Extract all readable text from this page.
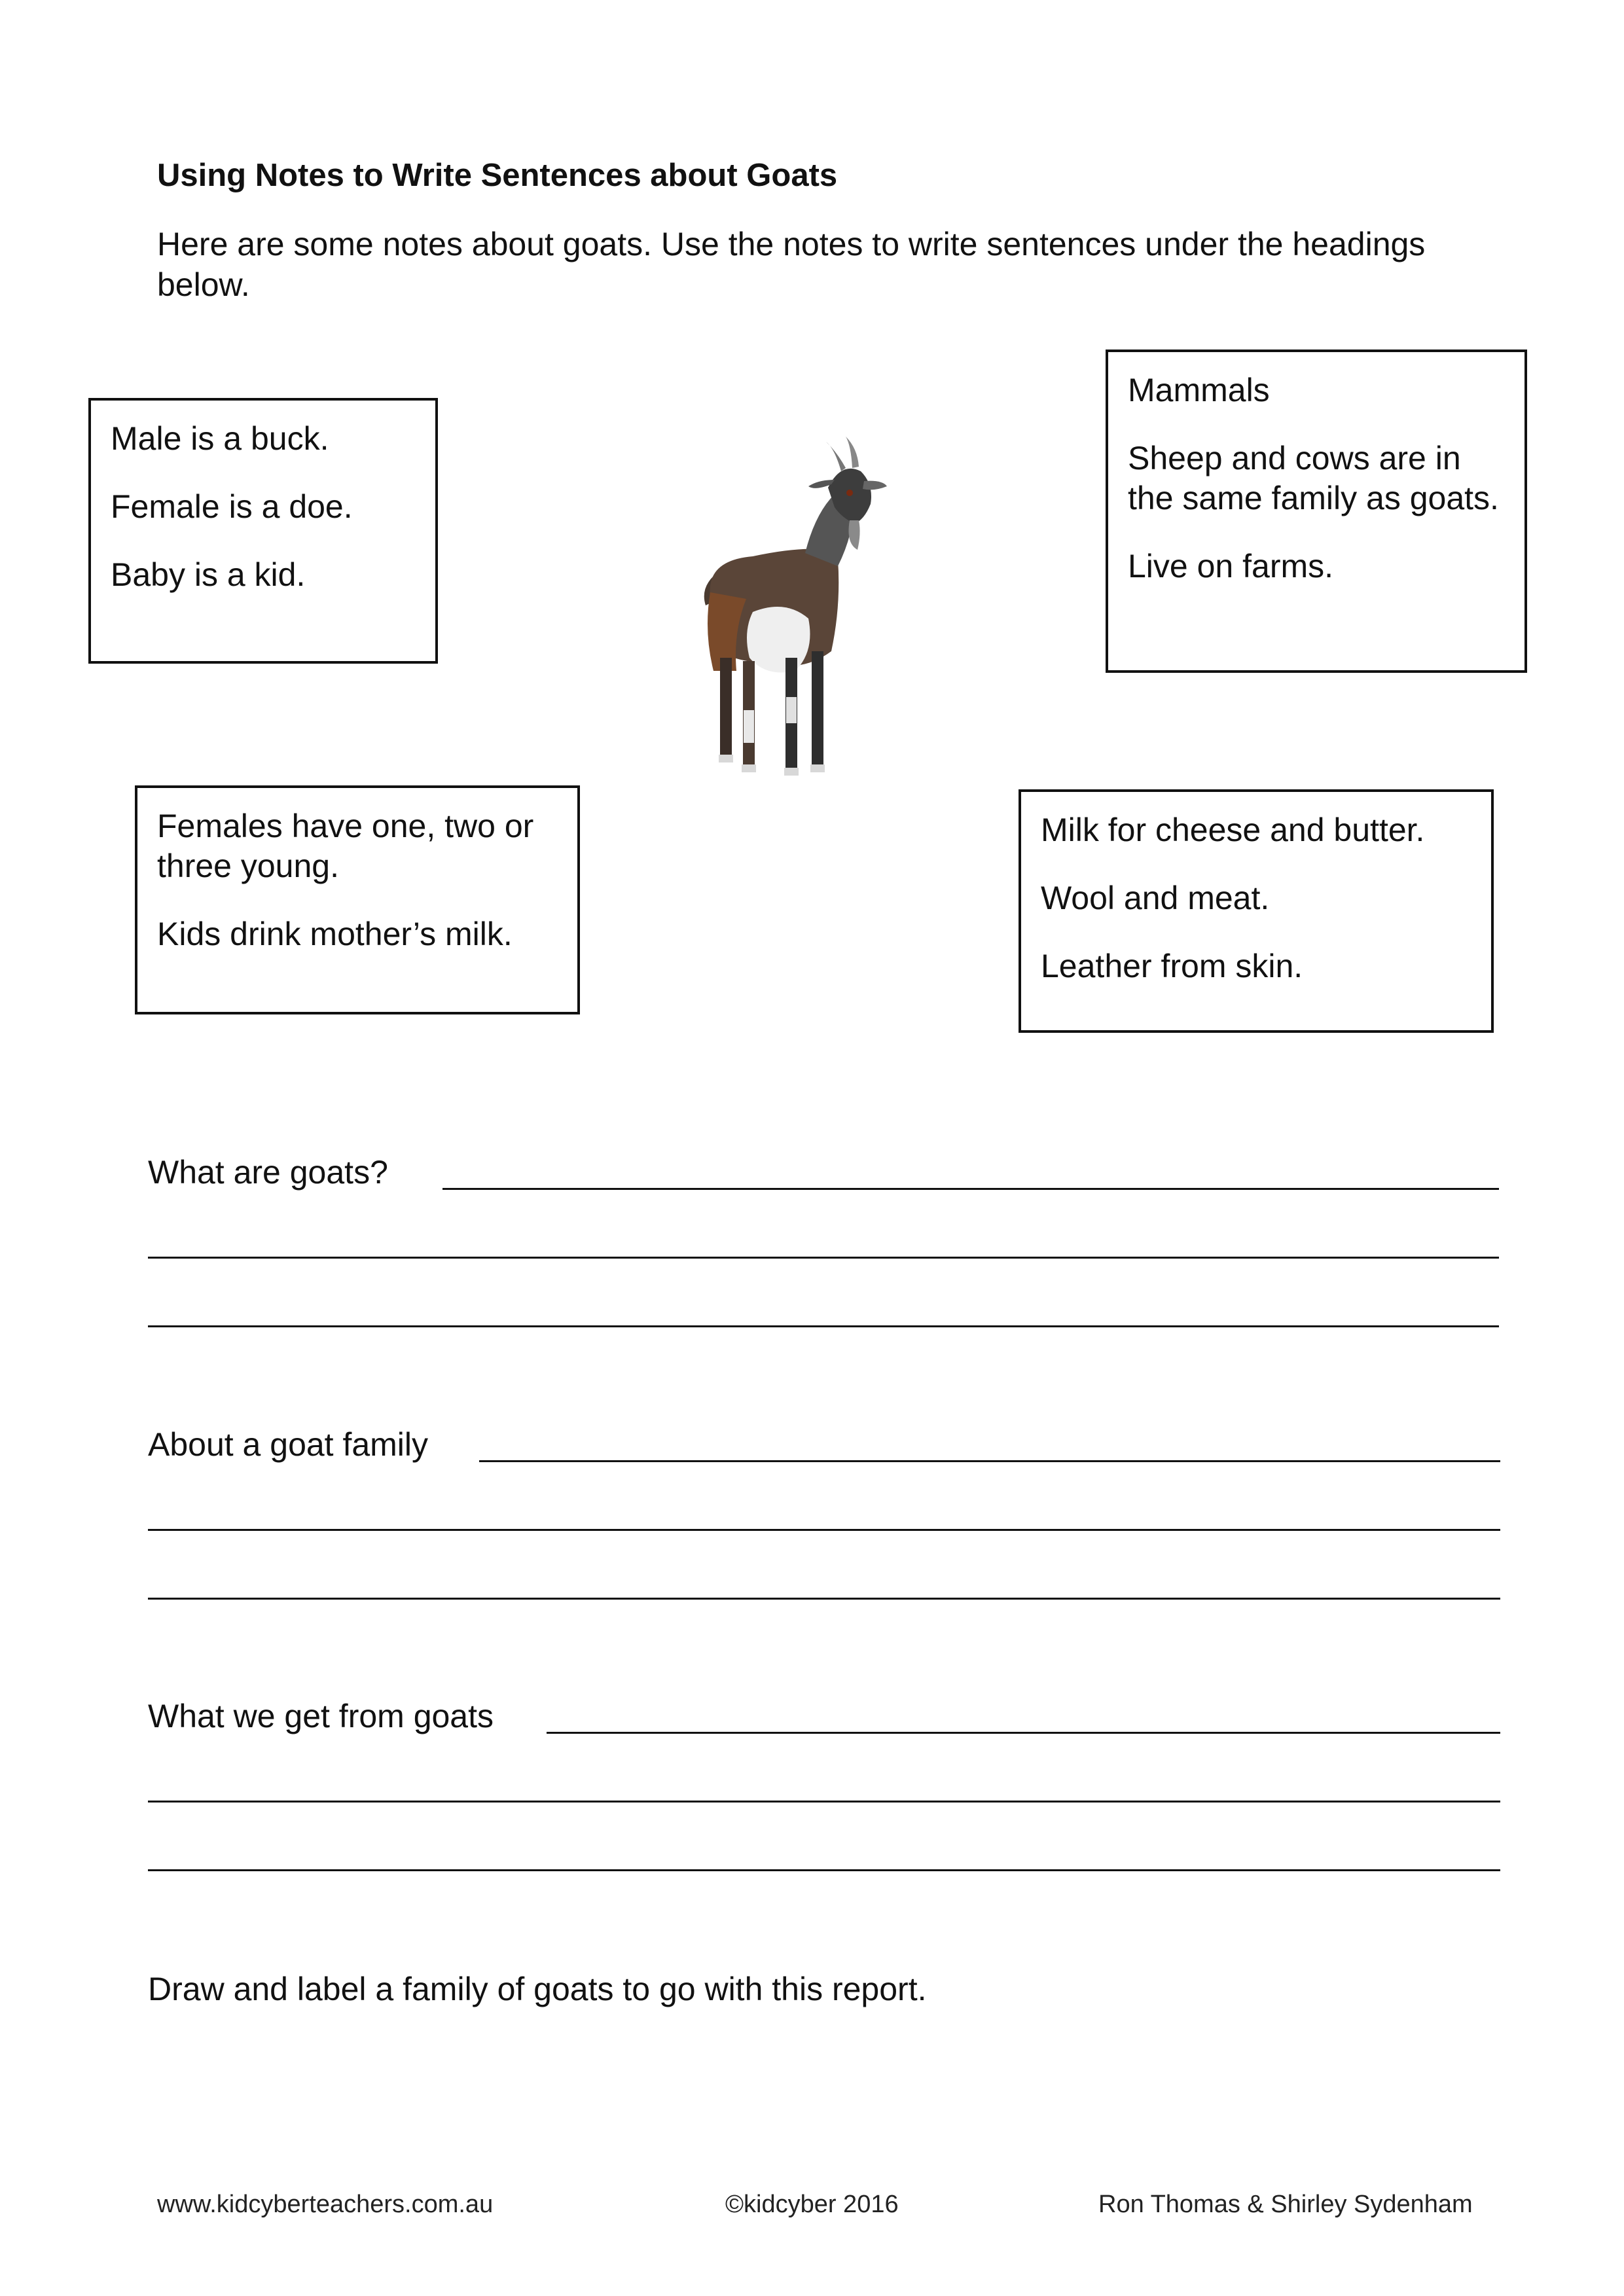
Using Notes to Write Sentences about Goats
Here are some notes about goats. Use the notes to write sentences under the headings below.

Mammals

Sheep and cows are in the same family as goats.

Live on farms.

Male is a buck.

Female is a doe.

Baby is a kid.

Females have one, two or three young.

Kids drink mother’s milk.

Milk for cheese and butter.

Wool and meat.

Leather from skin.

What are goats?
About a goat family
What we get from goats
Draw and label a family of goats to go with this report.
www.kidcyberteachers.com.au	©kidcyber 2016	Ron Thomas & Shirley Sydenham
